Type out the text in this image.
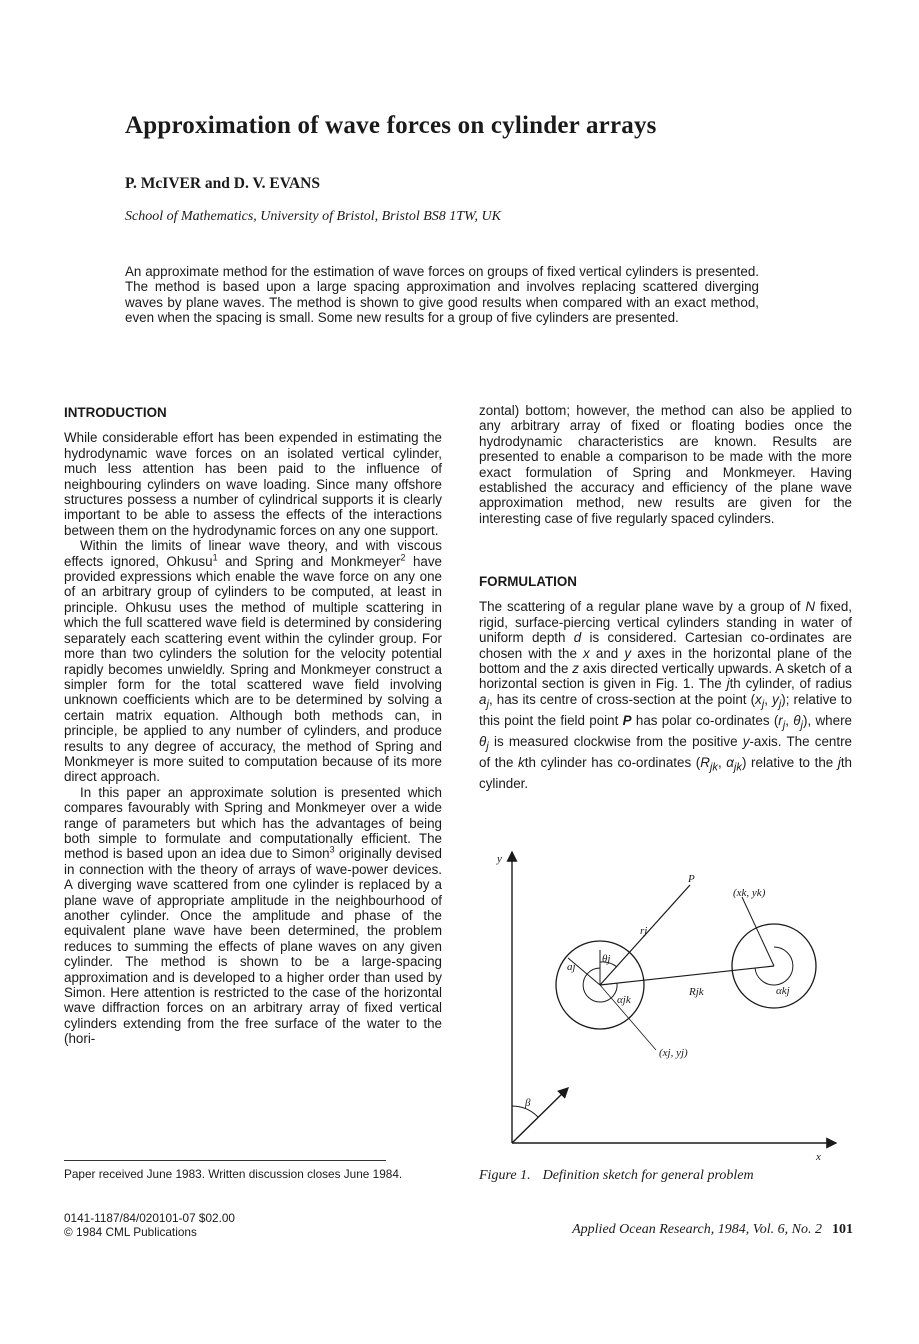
Approximation of wave forces on cylinder arrays
P. McIVER and D. V. EVANS
School of Mathematics, University of Bristol, Bristol BS8 1TW, UK
An approximate method for the estimation of wave forces on groups of fixed vertical cylinders is presented. The method is based upon a large spacing approximation and involves replacing scattered diverging waves by plane waves. The method is shown to give good results when compared with an exact method, even when the spacing is small. Some new results for a group of five cylinders are presented.
INTRODUCTION

While considerable effort has been expended in estimating the hydrodynamic wave forces on an isolated vertical cylinder, much less attention has been paid to the influence of neighbouring cylinders on wave loading. Since many offshore structures possess a number of cylindrical supports it is clearly important to be able to assess the effects of the interactions between them on the hydrodynamic forces on any one support.

Within the limits of linear wave theory, and with viscous effects ignored, Ohkusu$^1$ and Spring and Monkmeyer$^2$ have provided expressions which enable the wave force on any one of an arbitrary group of cylinders to be computed, at least in principle. Ohkusu uses the method of multiple scattering in which the full scattered wave field is determined by considering separately each scattering event within the cylinder group. For more than two cylinders the solution for the velocity potential rapidly becomes unwieldly. Spring and Monkmeyer construct a simpler form for the total scattered wave field involving unknown coefficients which are to be determined by solving a certain matrix equation. Although both methods can, in principle, be applied to any number of cylinders, and produce results to any degree of accuracy, the method of Spring and Monkmeyer is more suited to computation because of its more direct approach.

In this paper an approximate solution is presented which compares favourably with Spring and Monkmeyer over a wide range of parameters but which has the advantages of being both simple to formulate and computationally efficient. The method is based upon an idea due to Simon$^3$ originally devised in connection with the theory of arrays of wave-power devices. A diverging wave scattered from one cylinder is replaced by a plane wave of appropriate amplitude in the neighbourhood of another cylinder. Once the amplitude and phase of the equivalent plane wave have been determined, the problem reduces to summing the effects of plane waves on any given cylinder. The method is shown to be a large-spacing approximation and is developed to a higher order than used by Simon. Here attention is restricted to the case of the horizontal wave diffraction forces on an arbitrary array of fixed vertical cylinders extending from the free surface of the water to the (hori-

zontal) bottom; however, the method can also be applied to any arbitrary array of fixed or floating bodies once the hydrodynamic characteristics are known. Results are presented to enable a comparison to be made with the more exact formulation of Spring and Monkmeyer. Having established the accuracy and efficiency of the plane wave approximation method, new results are given for the interesting case of five regularly spaced cylinders.

FORMULATION

The scattering of a regular plane wave by a group of N fixed, rigid, surface-piercing vertical cylinders standing in water of uniform depth d is considered. Cartesian co-ordinates are chosen with the x and y axes in the horizontal plane of the bottom and the z axis directed vertically upwards. A sketch of a horizontal section is given in Fig. 1. The jth cylinder, of radius $a_j$, has its centre of cross-section at the point ($x_j$, $y_j$); relative to this point the field point P has polar co-ordinates ($r_j$, $\theta_j$), where $\theta_j$ is measured clockwise from the positive y-axis. The centre of the kth cylinder has co-ordinates ($R_{jk}$, $\alpha_{jk}$) relative to the jth cylinder.

y
x
P
(xk, yk)
rj
θj
aj
αjk
Rjk	αkj
(xj, yj)
β
Figure 1. Definition sketch for general problem
Paper received June 1983. Written discussion closes June 1984.
0141-1187/84/020101-07 $02.00
© 1984 CML Publications	Applied Ocean Research, 1984, Vol. 6, No. 2 101
